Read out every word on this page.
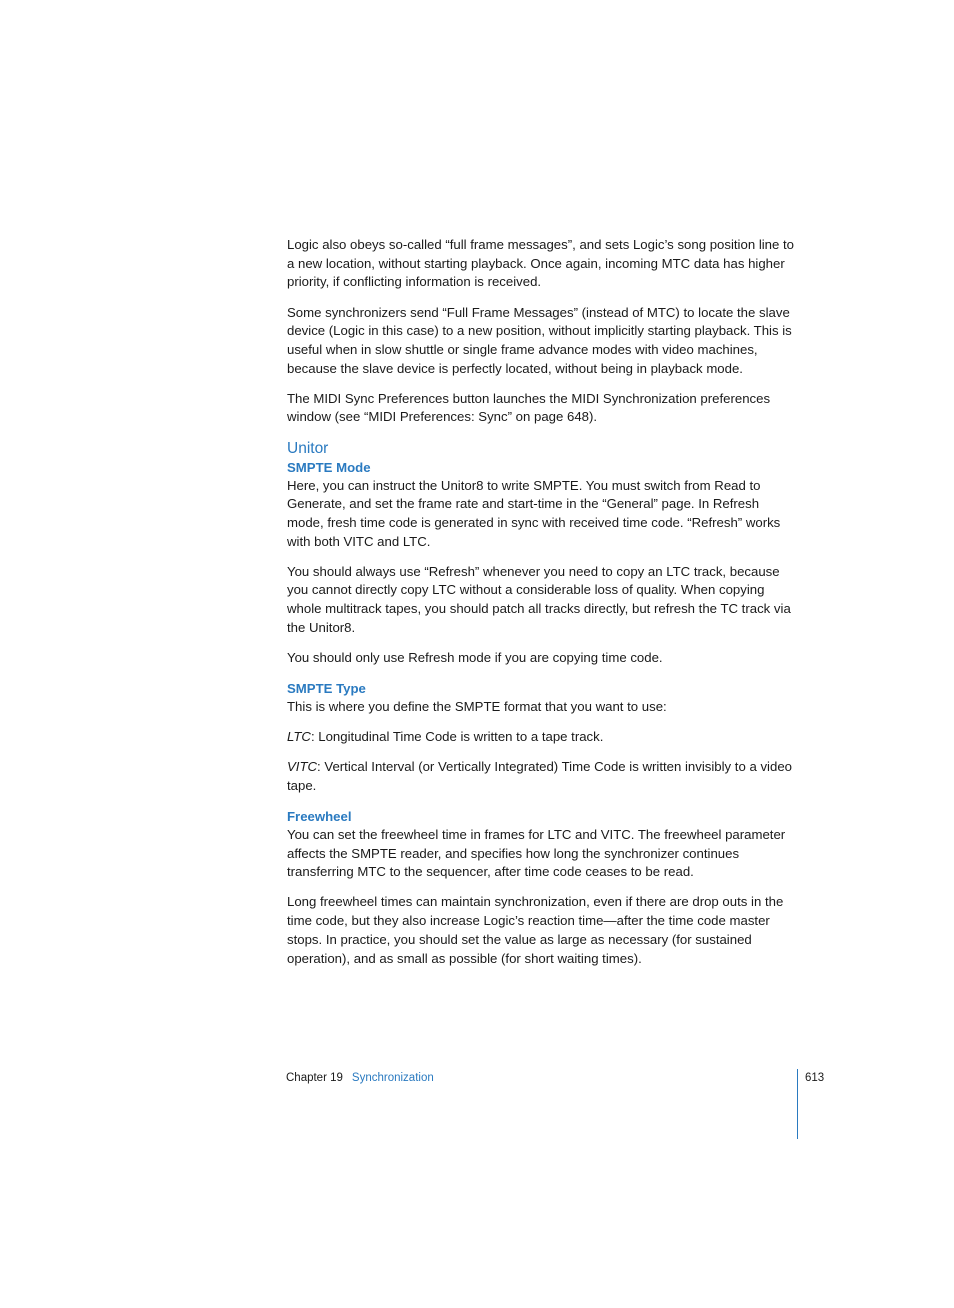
Logic also obeys so-called “full frame messages”, and sets Logic’s song position line to a new location, without starting playback. Once again, incoming MTC data has higher priority, if conflicting information is received.

Some synchronizers send “Full Frame Messages” (instead of MTC) to locate the slave device (Logic in this case) to a new position, without implicitly starting playback. This is useful when in slow shuttle or single frame advance modes with video machines, because the slave device is perfectly located, without being in playback mode.

The MIDI Sync Preferences button launches the MIDI Synchronization preferences window (see “MIDI Preferences: Sync” on page 648).

Unitor
SMPTE Mode

Here, you can instruct the Unitor8 to write SMPTE. You must switch from Read to Generate, and set the frame rate and start-time in the “General” page. In Refresh mode, fresh time code is generated in sync with received time code. “Refresh” works with both VITC and LTC.

You should always use “Refresh” whenever you need to copy an LTC track, because you cannot directly copy LTC without a considerable loss of quality. When copying whole multitrack tapes, you should patch all tracks directly, but refresh the TC track via the Unitor8.

You should only use Refresh mode if you are copying time code.

SMPTE Type

This is where you define the SMPTE format that you want to use:

LTC: Longitudinal Time Code is written to a tape track.

VITC: Vertical Interval (or Vertically Integrated) Time Code is written invisibly to a video tape.

Freewheel

You can set the freewheel time in frames for LTC and VITC. The freewheel parameter affects the SMPTE reader, and specifies how long the synchronizer continues transferring MTC to the sequencer, after time code ceases to be read.

Long freewheel times can maintain synchronization, even if there are drop outs in the time code, but they also increase Logic’s reaction time—after the time code master stops. In practice, you should set the value as large as necessary (for sustained operation), and as small as possible (for short waiting times).

Chapter 19 Synchronization	613
